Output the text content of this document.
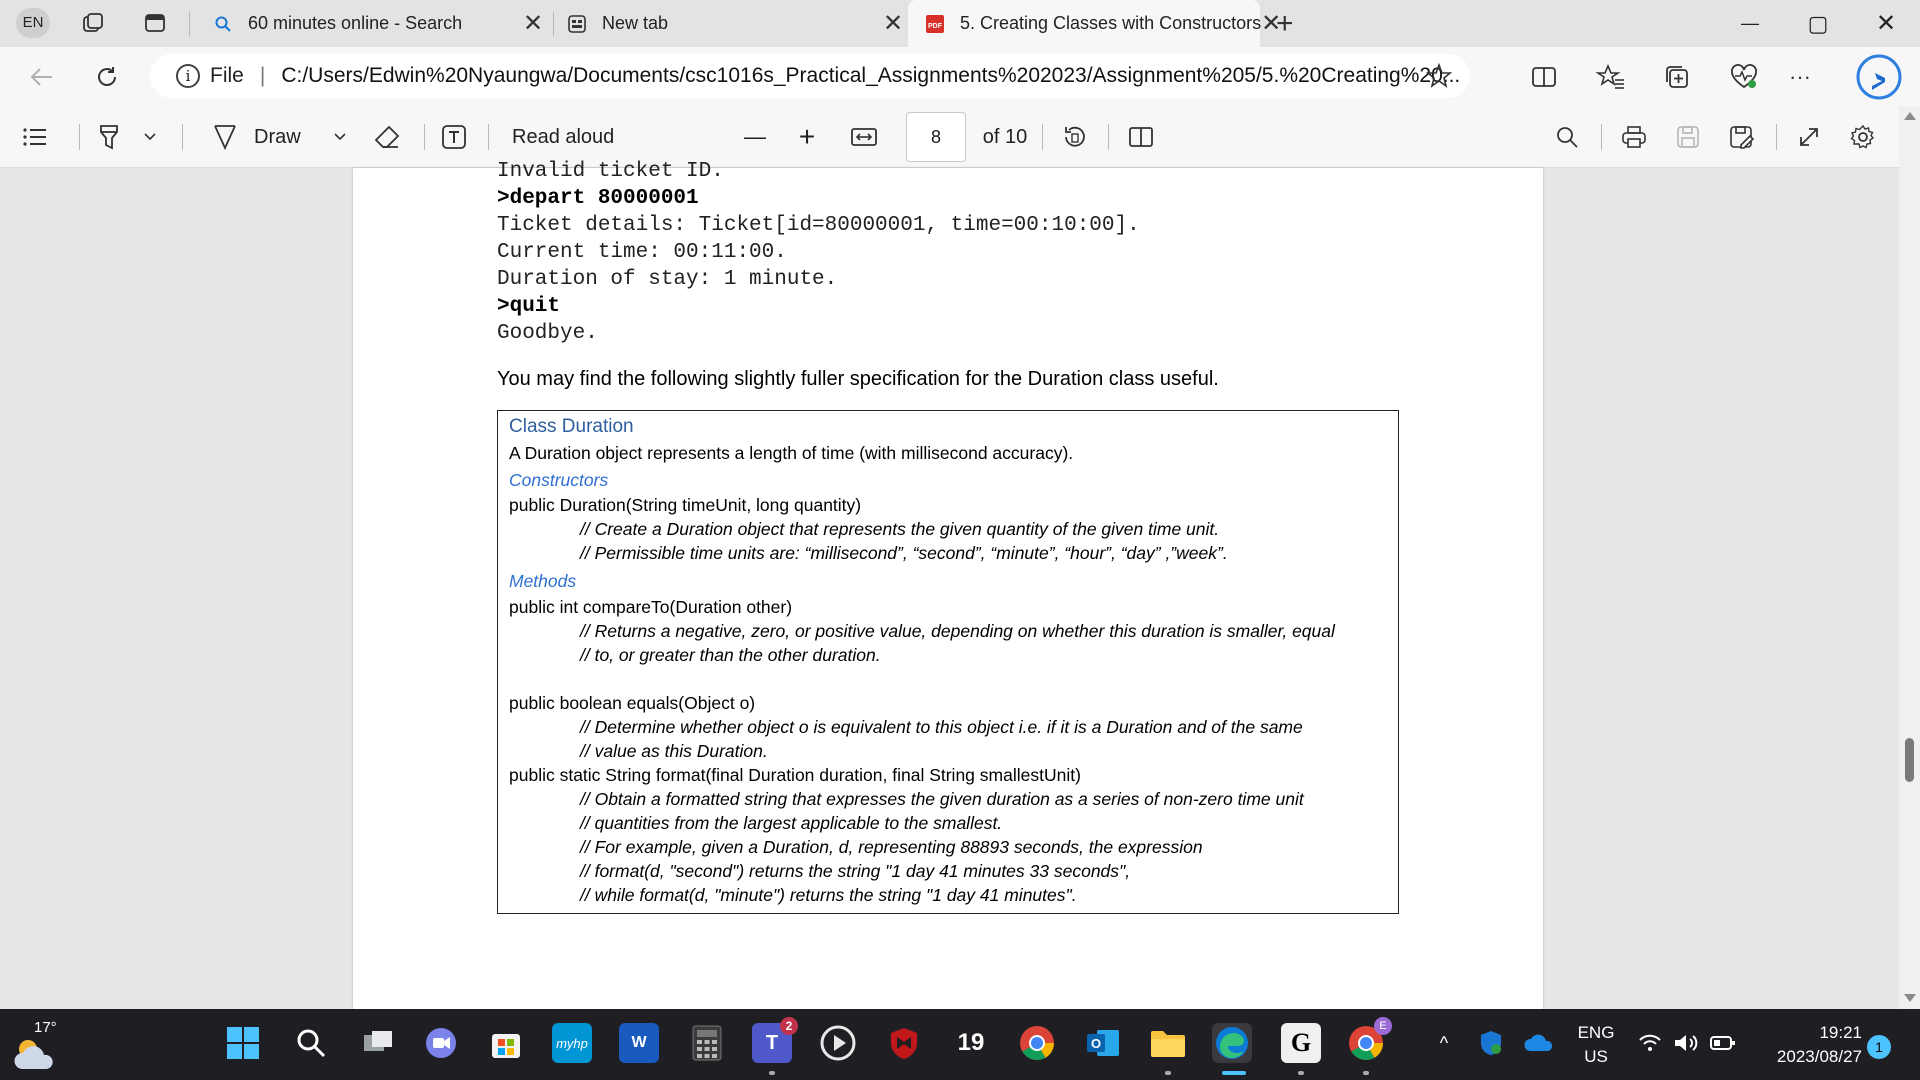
EN	60 minutes online - Search	✕	New tab	✕	PDF 5. Creating Classes with Constructors ✕
+	—	▢	✕
i File | C:/Users/Edwin%20Nyaungwa/Documents/csc1016s_Practical_Assignments%202023/Assignment%205/5.%20Creating%20...	···
Draw	Read aloud	—	+	8	of 10
Invalid ticket ID.
>depart 80000001
Ticket details: Ticket[id=80000001, time=00:10:00].
Current time: 00:11:00.
Duration of stay: 1 minute.
>quit
Goodbye.
You may find the following slightly fuller specification for the Duration class useful.
Class Duration
A Duration object represents a length of time (with millisecond accuracy).
Constructors
public Duration(String timeUnit, long quantity)
// Create a Duration object that represents the given quantity of the given time unit.
// Permissible time units are: “millisecond”, “second”, “minute”, “hour”, “day” ,”week”.
Methods
public int compareTo(Duration other)
// Returns a negative, zero, or positive value, depending on whether this duration is smaller, equal
// to, or greater than the other duration.
public boolean equals(Object o)
// Determine whether object o is equivalent to this object i.e. if it is a Duration and of the same
// value as this Duration.
public static String format(final Duration duration, final String smallestUnit)
// Obtain a formatted string that expresses the given duration as a series of non-zero time unit
// quantities from the largest applicable to the smallest.
// For example, given a Duration, d, representing 88893 seconds, the expression
// format(d, "second") returns the string "1 day 41 minutes 33 seconds",
// while format(d, "minute") returns the string "1 day 41 minutes".
17°
myhp	W	T
2
19	O	G
E
^	ENG
US
19:21
2023/08/27 1
